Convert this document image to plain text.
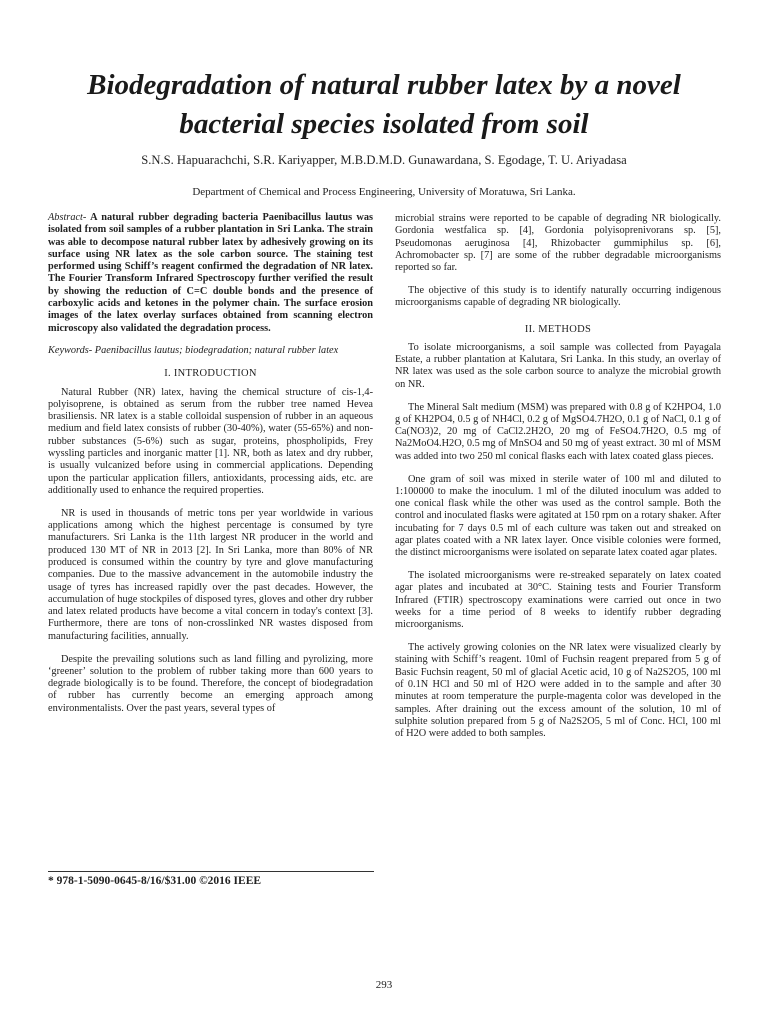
Biodegradation of natural rubber latex by a novel bacterial species isolated from soil
S.N.S. Hapuarachchi, S.R. Kariyapper, M.B.D.M.D. Gunawardana, S. Egodage, T. U. Ariyadasa
Department of Chemical and Process Engineering, University of Moratuwa, Sri Lanka.

Abstract- A natural rubber degrading bacteria Paenibacillus lautus was isolated from soil samples of a rubber plantation in Sri Lanka. The strain was able to decompose natural rubber latex by adhesively growing on its surface using NR latex as the sole carbon source. The staining test performed using Schiff’s reagent confirmed the degradation of NR latex. The Fourier Transform Infrared Spectroscopy further verified the result by showing the reduction of C=C double bonds and the presence of carboxylic acids and ketones in the polymer chain. The surface erosion images of the latex overlay surfaces obtained from scanning electron microscopy also validated the degradation process.

Keywords- Paenibacillus lautus; biodegradation; natural rubber latex

I. INTRODUCTION

Natural Rubber (NR) latex, having the chemical structure of cis-1,4-polyisoprene, is obtained as serum from the rubber tree named Hevea brasiliensis. NR latex is a stable colloidal suspension of rubber in an aqueous medium and field latex consists of rubber (30-40%), water (55-65%) and non-rubber substances (5-6%) such as sugar, proteins, phospholipids, Frey wyssling particles and inorganic matter [1]. NR, both as latex and dry rubber, is usually vulcanized before using in commercial applications. Depending upon the particular application fillers, antioxidants, processing aids, etc. are additionally used to enhance the required properties.

NR is used in thousands of metric tons per year worldwide in various applications among which the highest percentage is consumed by tyre manufacturers. Sri Lanka is the 11th largest NR producer in the world and produced 130 MT of NR in 2013 [2]. In Sri Lanka, more than 80% of NR produced is consumed within the country by tyre and glove manufacturing companies. Due to the massive advancement in the automobile industry the usage of tyres has increased rapidly over the past decades. However, the accumulation of huge stockpiles of disposed tyres, gloves and other dry rubber and latex related products have become a vital concern in today's context [3]. Furthermore, there are tons of non-crosslinked NR wastes disposed from manufacturing facilities, annually.

Despite the prevailing solutions such as land filling and pyrolizing, more ‘greener’ solution to the problem of rubber taking more than 600 years to degrade biologically is to be found. Therefore, the concept of biodegradation of rubber has currently become an emerging approach among environmentalists. Over the past years, several types of

* 978-1-5090-0645-8/16/$31.00 ©2016 IEEE

microbial strains were reported to be capable of degrading NR biologically. Gordonia westfalica sp. [4], Gordonia polyisoprenivorans sp. [5], Pseudomonas aeruginosa [4], Rhizobacter gummiphilus sp. [6], Achromobacter sp. [7] are some of the rubber degradable microorganisms reported so far.

The objective of this study is to identify naturally occurring indigenous microorganisms capable of degrading NR biologically.

II. METHODS

To isolate microorganisms, a soil sample was collected from Payagala Estate, a rubber plantation at Kalutara, Sri Lanka. In this study, an overlay of NR latex was used as the sole carbon source to analyze the microbial growth on NR.

The Mineral Salt medium (MSM) was prepared with 0.8 g of K2HPO4, 1.0 g of KH2PO4, 0.5 g of NH4Cl, 0.2 g of MgSO4.7H2O, 0.1 g of NaCl, 0.1 g of Ca(NO3)2, 20 mg of CaCl2.2H2O, 20 mg of FeSO4.7H2O, 0.5 mg of Na2MoO4.H2O, 0.5 mg of MnSO4 and 50 mg of yeast extract. 30 ml of MSM was added into two 250 ml conical flasks each with latex coated glass pieces.

One gram of soil was mixed in sterile water of 100 ml and diluted to 1:100000 to make the inoculum. 1 ml of the diluted inoculum was added to one conical flask while the other was used as the control sample. Both the control and inoculated flasks were agitated at 150 rpm on a rotary shaker. After incubating for 7 days 0.5 ml of each culture was taken out and streaked on agar plates coated with a NR latex layer. Once visible colonies were formed, the distinct microorganisms were isolated on separate latex coated agar plates.

The isolated microorganisms were re-streaked separately on latex coated agar plates and incubated at 30°C. Staining tests and Fourier Transform Infrared (FTIR) spectroscopy examinations were carried out once in two weeks for a time period of 8 weeks to identify rubber degrading microorganisms.

The actively growing colonies on the NR latex were visualized clearly by staining with Schiff’s reagent. 10ml of Fuchsin reagent prepared from 5 g of Basic Fuchsin reagent, 50 ml of glacial Acetic acid, 10 g of Na2S2O5, 100 ml of 0.1N HCl and 50 ml of H2O were added in to the sample and after 30 minutes at room temperature the purple-magenta color was developed in the samples. After draining out the excess amount of the solution, 10 ml of sulphite solution prepared from 5 g of Na2S2O5, 5 ml of Conc. HCl, 100 ml of H2O were added to both samples.

293
